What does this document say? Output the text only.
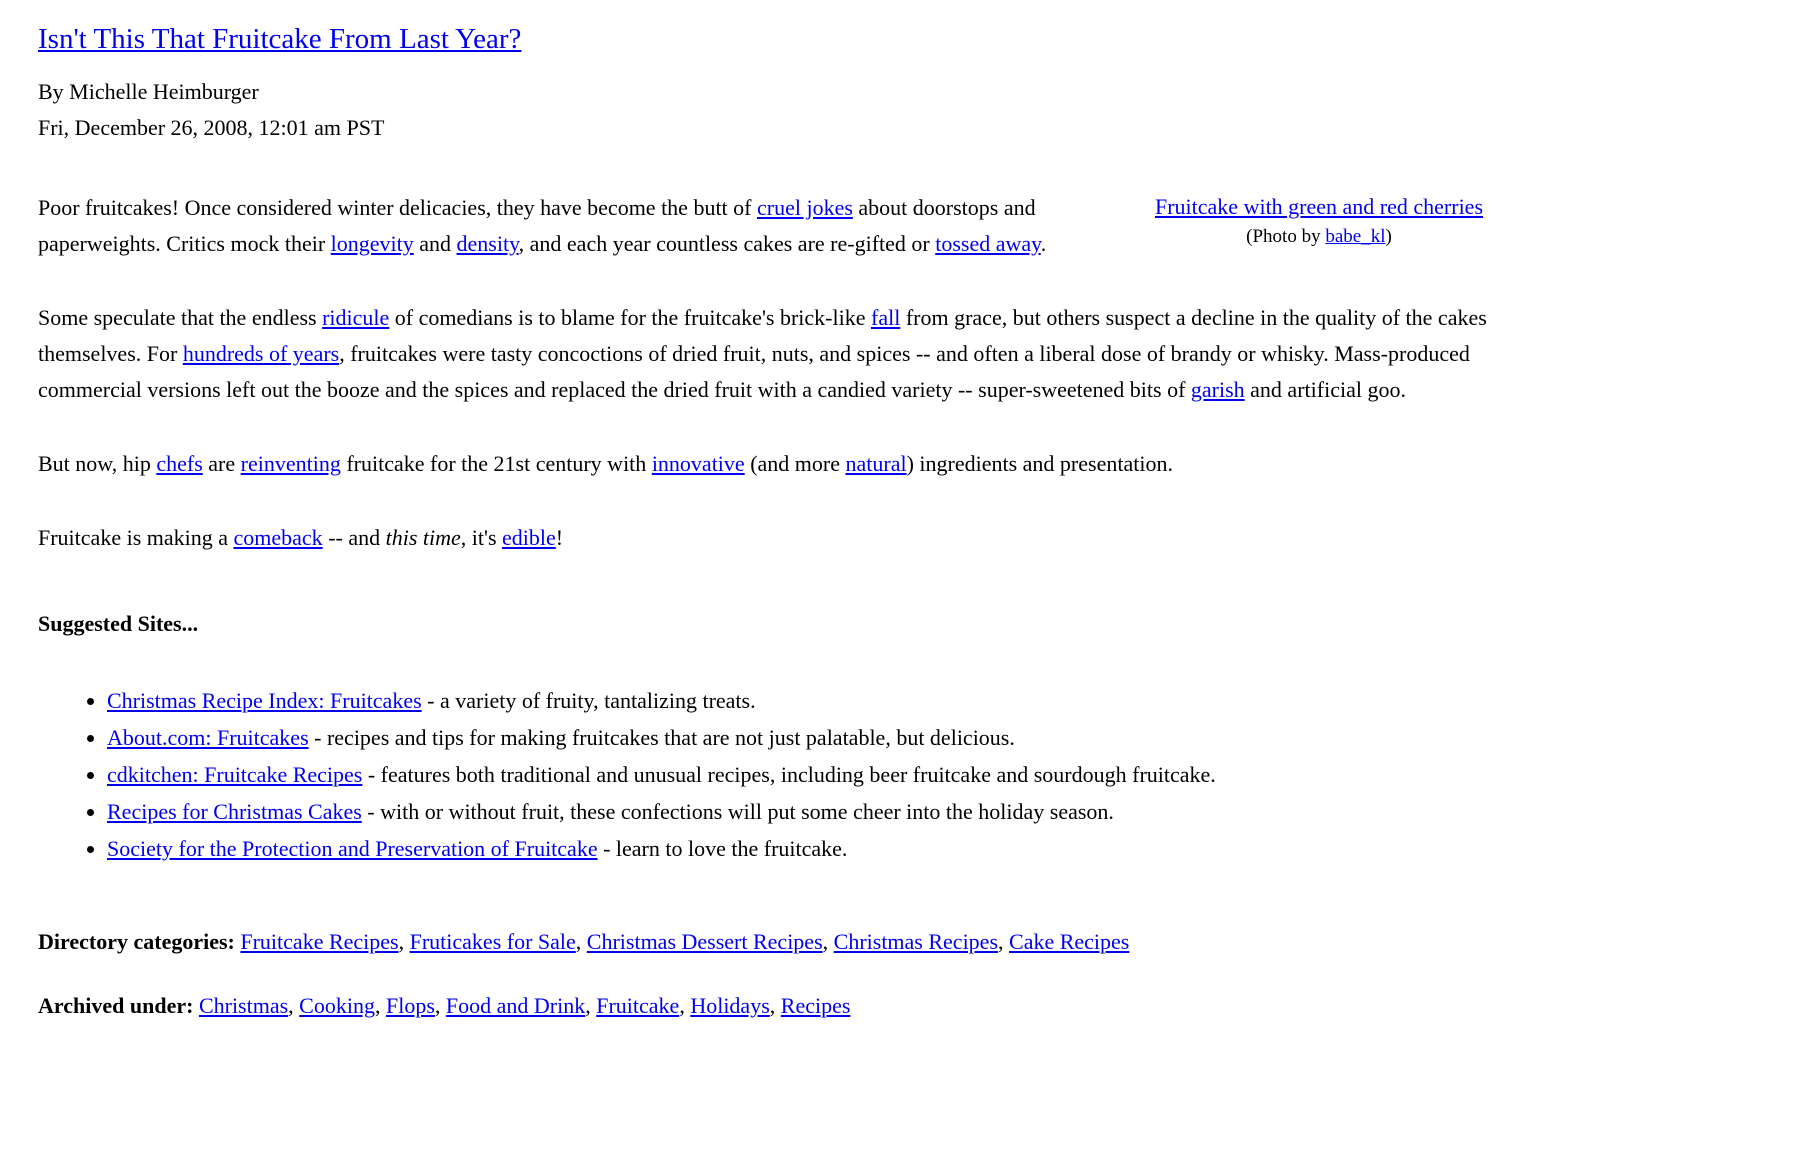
Isn't This That Fruitcake From Last Year?
By Michelle Heimburger
Fri, December 26, 2008, 12:01 am PST
Fruitcake with green and red cherries
(Photo by babe_kl)

Poor fruitcakes! Once considered winter delicacies, they have become the butt of cruel jokes about doorstops and paperweights. Critics mock their longevity and density, and each year countless cakes are re-gifted or tossed away.

Some speculate that the endless ridicule of comedians is to blame for the fruitcake's brick-like fall from grace, but others suspect a decline in the quality of the cakes themselves. For hundreds of years, fruitcakes were tasty concoctions of dried fruit, nuts, and spices -- and often a liberal dose of brandy or whisky. Mass-produced commercial versions left out the booze and the spices and replaced the dried fruit with a candied variety -- super-sweetened bits of garish and artificial goo.

But now, hip chefs are reinventing fruitcake for the 21st century with innovative (and more natural) ingredients and presentation.

Fruitcake is making a comeback -- and this time, it's edible!

Suggested Sites...

• Christmas Recipe Index: Fruitcakes - a variety of fruity, tantalizing treats.
• About.com: Fruitcakes - recipes and tips for making fruitcakes that are not just palatable, but delicious.
• cdkitchen: Fruitcake Recipes - features both traditional and unusual recipes, including beer fruitcake and sourdough fruitcake.
• Recipes for Christmas Cakes - with or without fruit, these confections will put some cheer into the holiday season.
• Society for the Protection and Preservation of Fruitcake - learn to love the fruitcake.

Directory categories: Fruitcake Recipes, Fruticakes for Sale, Christmas Dessert Recipes, Christmas Recipes, Cake Recipes

Archived under: Christmas, Cooking, Flops, Food and Drink, Fruitcake, Holidays, Recipes
